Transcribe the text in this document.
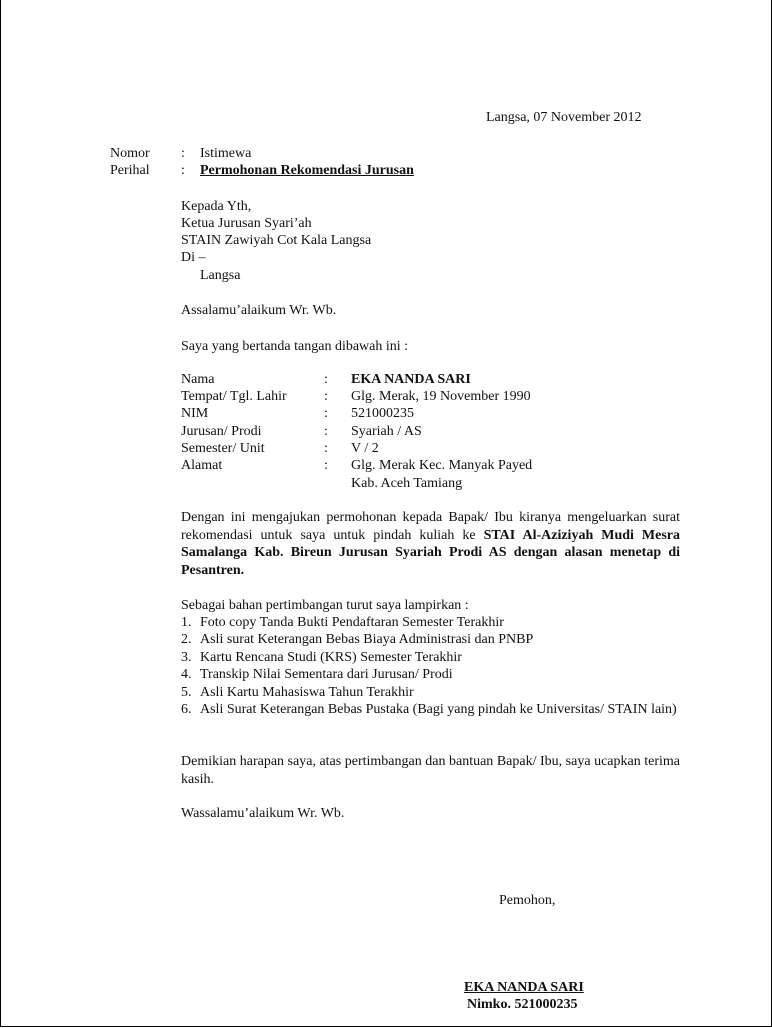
Langsa, 07 November 2012
Nomor : Istimewa
Perihal : Permohonan Rekomendasi Jurusan
Kepada Yth,
Ketua Jurusan Syari’ah
STAIN Zawiyah Cot Kala Langsa
Di –
Langsa
Assalamu’alaikum Wr. Wb.
Saya yang bertanda tangan dibawah ini :
Nama	: EKA NANDA SARI
Tempat/ Tgl. Lahir	: Glg. Merak, 19 November 1990
NIM	: 521000235
Jurusan/ Prodi	: Syariah / AS
Semester/ Unit	: V / 2
Alamat	: Glg. Merak Kec. Manyak Payed
Kab. Aceh Tamiang
Dengan ini mengajukan permohonan kepada Bapak/ Ibu kiranya mengeluarkan surat rekomendasi untuk saya untuk pindah kuliah ke STAI Al-Aziziyah Mudi Mesra Samalanga Kab. Bireun Jurusan Syariah Prodi AS dengan alasan menetap di Pesantren.
Sebagai bahan pertimbangan turut saya lampirkan :
1. Foto copy Tanda Bukti Pendaftaran Semester Terakhir
2. Asli surat Keterangan Bebas Biaya Administrasi dan PNBP
3. Kartu Rencana Studi (KRS) Semester Terakhir
4. Transkip Nilai Sementara dari Jurusan/ Prodi
5. Asli Kartu Mahasiswa Tahun Terakhir
6. Asli Surat Keterangan Bebas Pustaka (Bagi yang pindah ke Universitas/ STAIN lain)
Demikian harapan saya, atas pertimbangan dan bantuan Bapak/ Ibu, saya ucapkan terima kasih.
Wassalamu’alaikum Wr. Wb.
Pemohon,
EKA NANDA SARI
Nimko. 521000235
